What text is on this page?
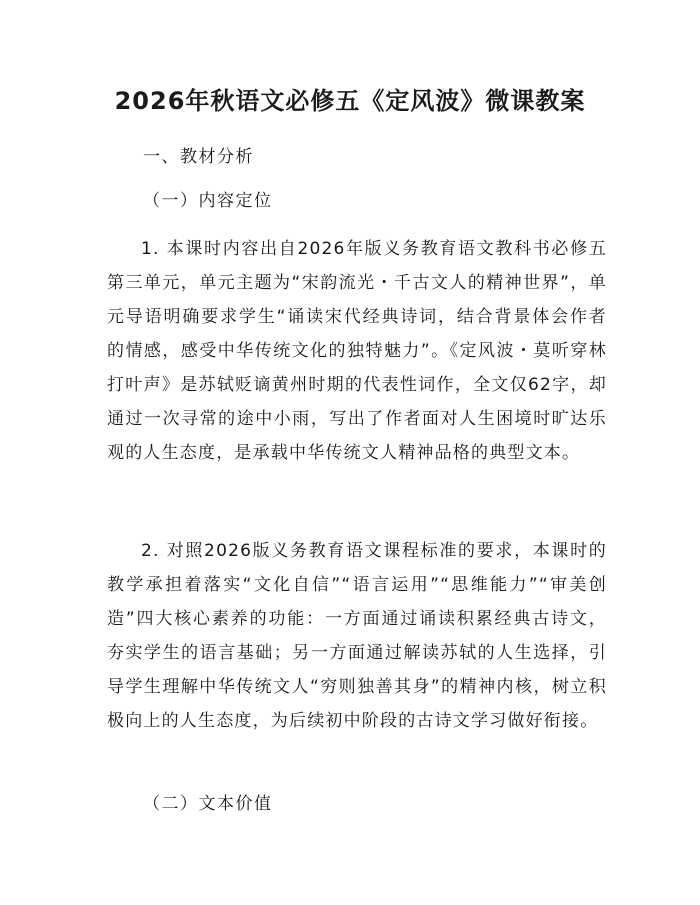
2026年秋语文必修五《定风波》微课教案
一、教材分析
（一）内容定位
1. 本课时内容出自2026年版义务教育语文教科书必修五第三单元，单元主题为“宋韵流光・千古文人的精神世界”，单元导语明确要求学生“诵读宋代经典诗词，结合背景体会作者的情感，感受中华传统文化的独特魅力”。《定风波・莫听穿林打叶声》是苏轼贬谪黄州时期的代表性词作，全文仅62字，却通过一次寻常的途中小雨，写出了作者面对人生困境时旷达乐观的人生态度，是承载中华传统文人精神品格的典型文本。
2. 对照2026版义务教育语文课程标准的要求，本课时的教学承担着落实“文化自信”“语言运用”“思维能力”“审美创造”四大核心素养的功能：一方面通过诵读积累经典古诗文，夯实学生的语言基础；另一方面通过解读苏轼的人生选择，引导学生理解中华传统文人“穷则独善其身”的精神内核，树立积极向上的人生态度，为后续初中阶段的古诗文学习做好衔接。
（二）文本价值
